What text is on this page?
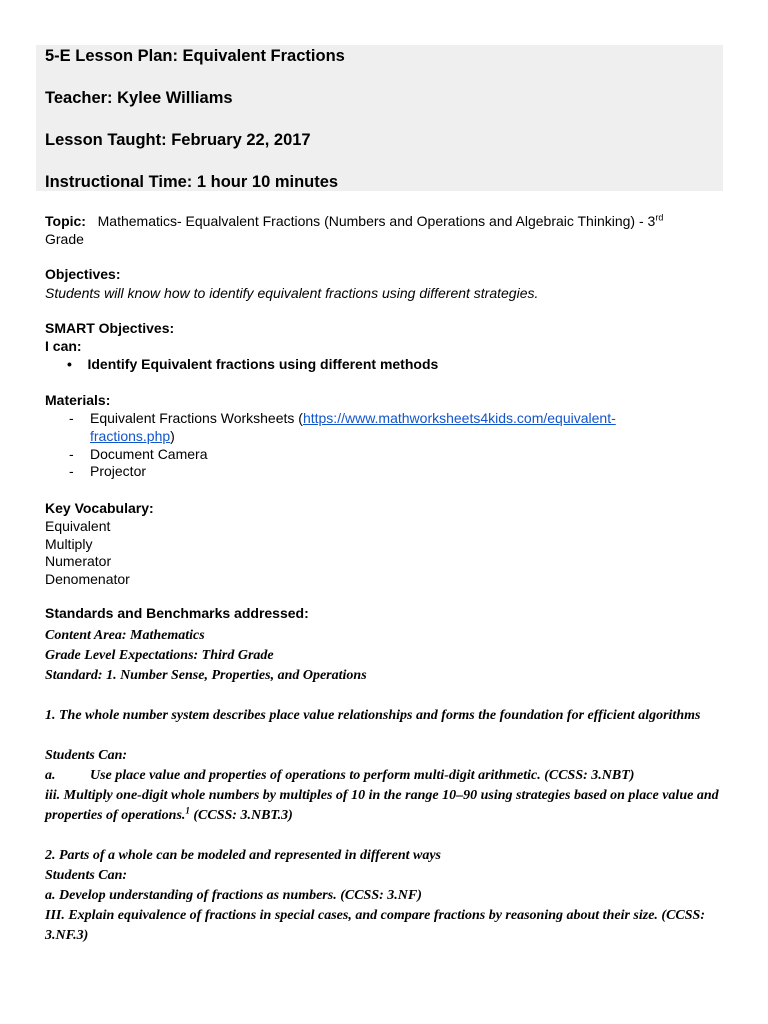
5-E Lesson Plan: Equivalent Fractions
Teacher: Kylee Williams
Lesson Taught: February 22, 2017
Instructional Time: 1 hour 10 minutes
Topic: Mathematics- Equalvalent Fractions (Numbers and Operations and Algebraic Thinking) - 3rd
Grade
Objectives:
Students will know how to identify equivalent fractions using different strategies.
SMART Objectives:
I can:
• Identify Equivalent fractions using different methods
Materials:
- Equivalent Fractions Worksheets (https://www.mathworksheets4kids.com/equivalent-
fractions.php)
- Document Camera
- Projector
Key Vocabulary:
Equivalent
Multiply
Numerator
Denomenator
Standards and Benchmarks addressed:
Content Area: Mathematics
Grade Level Expectations: Third Grade
Standard: 1. Number Sense, Properties, and Operations
1. The whole number system describes place value relationships and forms the foundation for efficient algorithms
Students Can:
a. Use place value and properties of operations to perform multi-digit arithmetic. (CCSS: 3.NBT)
iii. Multiply one-digit whole numbers by multiples of 10 in the range 10–90 using strategies based on place value and properties of operations.$^1$ (CCSS: 3.NBT.3)
2. Parts of a whole can be modeled and represented in different ways
Students Can:
a. Develop understanding of fractions as numbers. (CCSS: 3.NF)
III. Explain equivalence of fractions in special cases, and compare fractions by reasoning about their size. (CCSS: 3.NF.3)
